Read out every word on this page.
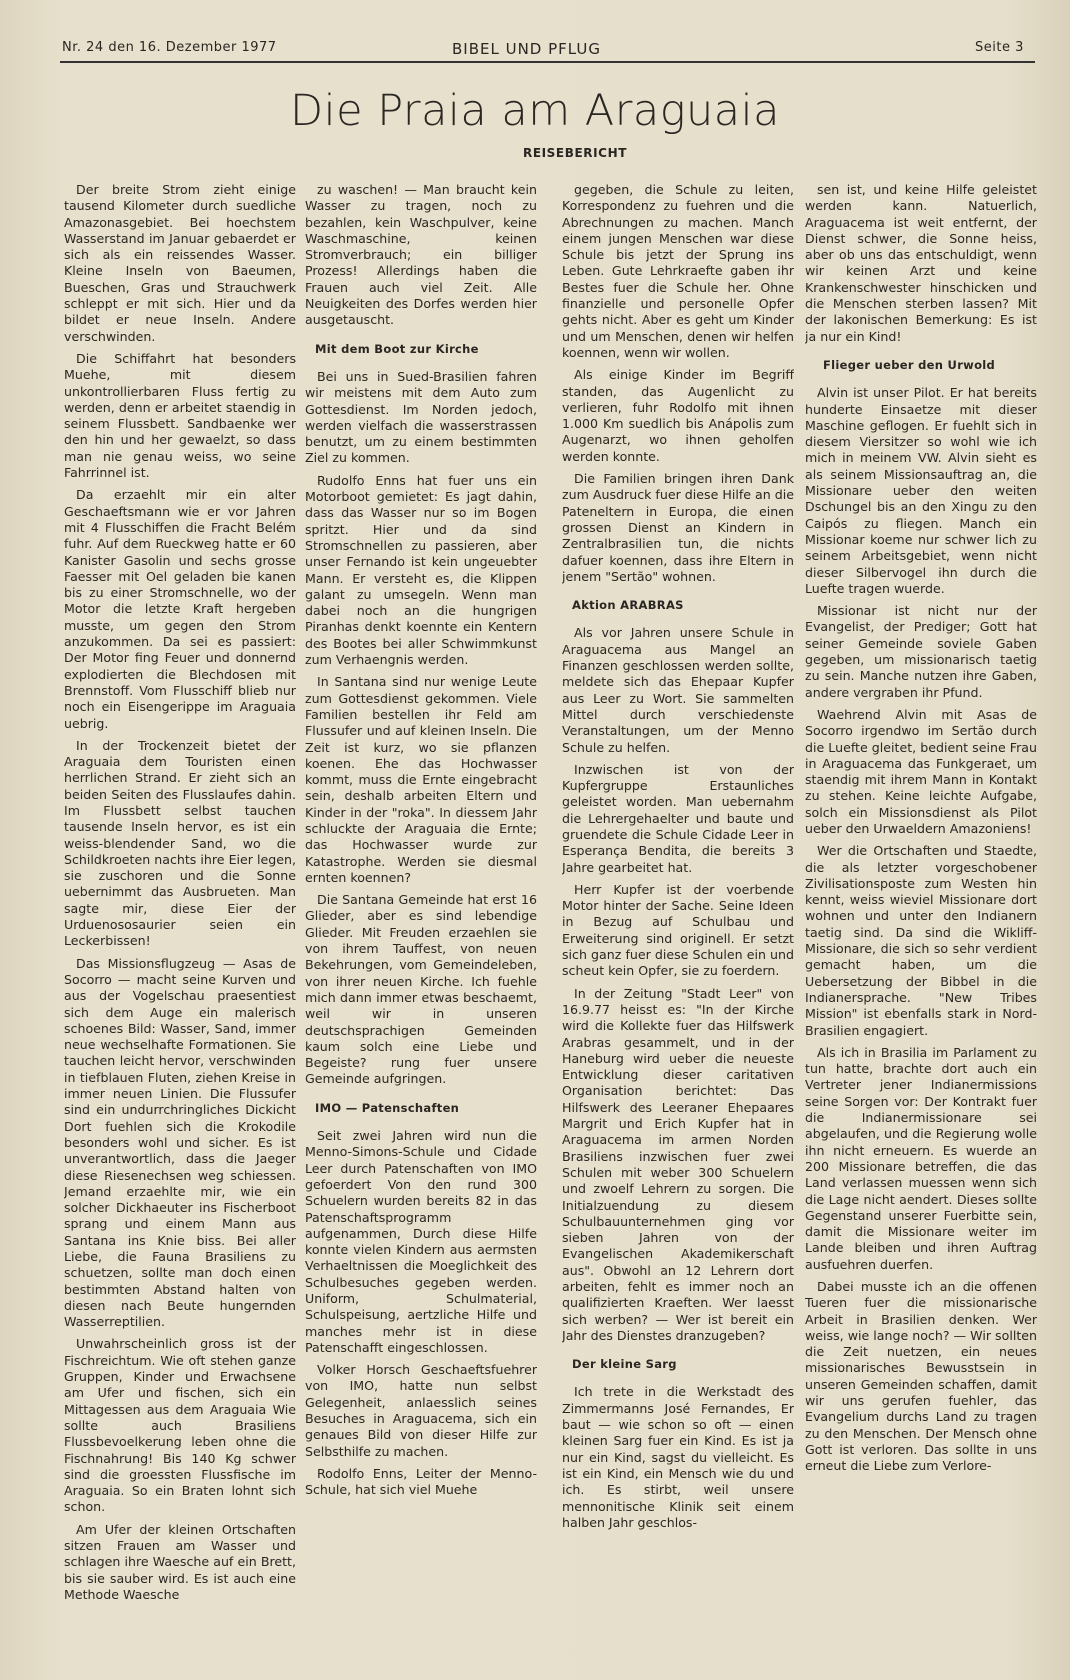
Nr. 24 den 16. Dezember 1977	BIBEL UND PFLUG	Seite 3
Die Praia am Araguaia
REISEBERICHT

Der breite Strom zieht einige tausend Kilometer durch suedliche Amazonasgebiet. Bei hoechstem Wasserstand im Januar gebaerdet er sich als ein reissendes Wasser. Kleine Inseln von Baeumen, Bueschen, Gras und Strauchwerk schleppt er mit sich. Hier und da bildet er neue Inseln. Andere verschwinden.

Die Schiffahrt hat besonders Muehe, mit diesem unkontrollierbaren Fluss fertig zu werden, denn er arbeitet staendig in seinem Flussbett. Sandbaenke wer den hin und her gewaelzt, so dass man nie genau weiss, wo seine Fahrrinnel ist.

Da erzaehlt mir ein alter Geschaeftsmann wie er vor Jahren mit 4 Flusschiffen die Fracht Belém fuhr. Auf dem Rueckweg hatte er 60 Kanister Gasolin und sechs grosse Faesser mit Oel geladen bie kanen bis zu einer Stromschnelle, wo der Motor die letzte Kraft hergeben musste, um gegen den Strom anzukommen. Da sei es passiert: Der Motor fing Feuer und donnernd explodierten die Blechdosen mit Brennstoff. Vom Flusschiff blieb nur noch ein Eisengerippe im Araguaia uebrig.

In der Trockenzeit bietet der Araguaia dem Touristen einen herrlichen Strand. Er zieht sich an beiden Seiten des Flusslaufes dahin. Im Flussbett selbst tauchen tausende Inseln hervor, es ist ein weiss-blendender Sand, wo die Schildkroeten nachts ihre Eier legen, sie zuschoren und die Sonne uebernimmt das Ausbrueten. Man sagte mir, diese Eier der Urduenososaurier seien ein Leckerbissen!

Das Missionsflugzeug — Asas de Socorro — macht seine Kurven und aus der Vogelschau praesentiest sich dem Auge ein malerisch schoenes Bild: Wasser, Sand, immer neue wechselhafte Formationen. Sie tauchen leicht hervor, verschwinden in tiefblauen Fluten, ziehen Kreise in immer neuen Linien. Die Flussufer sind ein undurrchringliches Dickicht Dort fuehlen sich die Krokodile besonders wohl und sicher. Es ist unverantwortlich, dass die Jaeger diese Riesenechsen weg schiessen. Jemand erzaehlte mir, wie ein solcher Dickhaeuter ins Fischerboot sprang und einem Mann aus Santana ins Knie biss. Bei aller Liebe, die Fauna Brasiliens zu schuetzen, sollte man doch einen bestimmten Abstand halten von diesen nach Beute hungernden Wasserreptilien.

Unwahrscheinlich gross ist der Fischreichtum. Wie oft stehen ganze Gruppen, Kinder und Erwachsene am Ufer und fischen, sich ein Mittagessen aus dem Araguaia Wie sollte auch Brasiliens Flussbevoelkerung leben ohne die Fischnahrung! Bis 140 Kg schwer sind die groessten Flussfische im Araguaia. So ein Braten lohnt sich schon.

Am Ufer der kleinen Ortschaften sitzen Frauen am Wasser und schlagen ihre Waesche auf ein Brett, bis sie sauber wird. Es ist auch eine Methode Waesche

zu waschen! — Man braucht kein Wasser zu tragen, noch zu bezahlen, kein Waschpulver, keine Waschmaschine, keinen Stromverbrauch; ein billiger Prozess! Allerdings haben die Frauen auch viel Zeit. Alle Neuigkeiten des Dorfes werden hier ausgetauscht.

Mit dem Boot zur Kirche

Bei uns in Sued-Brasilien fahren wir meistens mit dem Auto zum Gottesdienst. Im Norden jedoch, werden vielfach die wasserstrassen benutzt, um zu einem bestimmten Ziel zu kommen.

Rudolfo Enns hat fuer uns ein Motorboot gemietet: Es jagt dahin, dass das Wasser nur so im Bogen spritzt. Hier und da sind Stromschnellen zu passieren, aber unser Fernando ist kein ungeuebter Mann. Er versteht es, die Klippen galant zu umsegeln. Wenn man dabei noch an die hungrigen Piranhas denkt koennte ein Kentern des Bootes bei aller Schwimmkunst zum Verhaengnis werden.

In Santana sind nur wenige Leute zum Gottesdienst gekommen. Viele Familien bestellen ihr Feld am Flussufer und auf kleinen Inseln. Die Zeit ist kurz, wo sie pflanzen koenen. Ehe das Hochwasser kommt, muss die Ernte eingebracht sein, deshalb arbeiten Eltern und Kinder in der "roka". In diessem Jahr schluckte der Araguaia die Ernte; das Hochwasser wurde zur Katastrophe. Werden sie diesmal ernten koennen?

Die Santana Gemeinde hat erst 16 Glieder, aber es sind lebendige Glieder. Mit Freuden erzaehlen sie von ihrem Tauffest, von neuen Bekehrungen, vom Gemeindeleben, von ihrer neuen Kirche. Ich fuehle mich dann immer etwas beschaemt, weil wir in unseren deutschsprachigen Gemeinden kaum solch eine Liebe und Begeiste? rung fuer unsere Gemeinde aufgringen.

IMO — Patenschaften

Seit zwei Jahren wird nun die Menno-Simons-Schule und Cidade Leer durch Patenschaften von IMO gefoerdert Von den rund 300 Schuelern wurden bereits 82 in das Patenschaftsprogramm aufgenammen, Durch diese Hilfe konnte vielen Kindern aus aermsten Verhaeltnissen die Moeglichkeit des Schulbesuches gegeben werden. Uniform, Schulmaterial, Schulspeisung, aertzliche Hilfe und manches mehr ist in diese Patenschafft eingeschlossen.

Volker Horsch Geschaeftsfuehrer von IMO, hatte nun selbst Gelegenheit, anlaesslich seines Besuches in Araguacema, sich ein genaues Bild von dieser Hilfe zur Selbsthilfe zu machen.

Rodolfo Enns, Leiter der Menno-Schule, hat sich viel Muehe

gegeben, die Schule zu leiten, Korrespondenz zu fuehren und die Abrechnungen zu machen. Manch einem jungen Menschen war diese Schule bis jetzt der Sprung ins Leben. Gute Lehrkraefte gaben ihr Bestes fuer die Schule her. Ohne finanzielle und personelle Opfer gehts nicht. Aber es geht um Kinder und um Menschen, denen wir helfen koennen, wenn wir wollen.

Als einige Kinder im Begriff standen, das Augenlicht zu verlieren, fuhr Rodolfo mit ihnen 1.000 Km suedlich bis Anápolis zum Augenarzt, wo ihnen geholfen werden konnte.

Die Familien bringen ihren Dank zum Ausdruck fuer diese Hilfe an die Pateneltern in Europa, die einen grossen Dienst an Kindern in Zentralbrasilien tun, die nichts dafuer koennen, dass ihre Eltern in jenem "Sertão" wohnen.

Aktion ARABRAS

Als vor Jahren unsere Schule in Araguacema aus Mangel an Finanzen geschlossen werden sollte, meldete sich das Ehepaar Kupfer aus Leer zu Wort. Sie sammelten Mittel durch verschiedenste Veranstaltungen, um der Menno Schule zu helfen.

Inzwischen ist von der Kupfergruppe Erstaunliches geleistet worden. Man uebernahm die Lehrergehaelter und baute und gruendete die Schule Cidade Leer in Esperança Bendita, die bereits 3 Jahre gearbeitet hat.

Herr Kupfer ist der voerbende Motor hinter der Sache. Seine Ideen in Bezug auf Schulbau und Erweiterung sind originell. Er setzt sich ganz fuer diese Schulen ein und scheut kein Opfer, sie zu foerdern.

In der Zeitung "Stadt Leer" von 16.9.77 heisst es: "In der Kirche wird die Kollekte fuer das Hilfswerk Arabras gesammelt, und in der Haneburg wird ueber die neueste Entwicklung dieser caritativen Organisation berichtet: Das Hilfswerk des Leeraner Ehepaares Margrit und Erich Kupfer hat in Araguacema im armen Norden Brasiliens inzwischen fuer zwei Schulen mit weber 300 Schuelern und zwoelf Lehrern zu sorgen. Die Initialzuendung zu diesem Schulbauunternehmen ging vor sieben Jahren von der Evangelischen Akademikerschaft aus". Obwohl an 12 Lehrern dort arbeiten, fehlt es immer noch an qualifizierten Kraeften. Wer laesst sich werben? — Wer ist bereit ein Jahr des Dienstes dranzugeben?

Der kleine Sarg

Ich trete in die Werkstadt des Zimmermanns José Fernandes, Er baut — wie schon so oft — einen kleinen Sarg fuer ein Kind. Es ist ja nur ein Kind, sagst du vielleicht. Es ist ein Kind, ein Mensch wie du und ich. Es stirbt, weil unsere mennonitische Klinik seit einem halben Jahr geschlos-

sen ist, und keine Hilfe geleistet werden kann. Natuerlich, Araguacema ist weit entfernt, der Dienst schwer, die Sonne heiss, aber ob uns das entschuldigt, wenn wir keinen Arzt und keine Krankenschwester hinschicken und die Menschen sterben lassen? Mit der lakonischen Bemerkung: Es ist ja nur ein Kind!

Flieger ueber den Urwold

Alvin ist unser Pilot. Er hat bereits hunderte Einsaetze mit dieser Maschine geflogen. Er fuehlt sich in diesem Viersitzer so wohl wie ich mich in meinem VW. Alvin sieht es als seinem Missionsauftrag an, die Missionare ueber den weiten Dschungel bis an den Xingu zu den Caipós zu fliegen. Manch ein Missionar koeme nur schwer lich zu seinem Arbeitsgebiet, wenn nicht dieser Silbervogel ihn durch die Luefte tragen wuerde.

Missionar ist nicht nur der Evangelist, der Prediger; Gott hat seiner Gemeinde soviele Gaben gegeben, um missionarisch taetig zu sein. Manche nutzen ihre Gaben, andere vergraben ihr Pfund.

Waehrend Alvin mit Asas de Socorro irgendwo im Sertão durch die Luefte gleitet, bedient seine Frau in Araguacema das Funkgeraet, um staendig mit ihrem Mann in Kontakt zu stehen. Keine leichte Aufgabe, solch ein Missionsdienst als Pilot ueber den Urwaeldern Amazoniens!

Wer die Ortschaften und Staedte, die als letzter vorgeschobener Zivilisationsposte zum Westen hin kennt, weiss wieviel Missionare dort wohnen und unter den Indianern taetig sind. Da sind die Wikliff-Missionare, die sich so sehr verdient gemacht haben, um die Uebersetzung der Bibbel in die Indianersprache. "New Tribes Mission" ist ebenfalls stark in Nord-Brasilien engagiert.

Als ich in Brasilia im Parlament zu tun hatte, brachte dort auch ein Vertreter jener Indianermissions seine Sorgen vor: Der Kontrakt fuer die Indianermissionare sei abgelaufen, und die Regierung wolle ihn nicht erneuern. Es wuerde an 200 Missionare betreffen, die das Land verlassen muessen wenn sich die Lage nicht aendert. Dieses sollte Gegenstand unserer Fuerbitte sein, damit die Missionare weiter im Lande bleiben und ihren Auftrag ausfuehren duerfen.

Dabei musste ich an die offenen Tueren fuer die missionarische Arbeit in Brasilien denken. Wer weiss, wie lange noch? — Wir sollten die Zeit nuetzen, ein neues missionarisches Bewusstsein in unseren Gemeinden schaffen, damit wir uns gerufen fuehler, das Evangelium durchs Land zu tragen zu den Menschen. Der Mensch ohne Gott ist verloren. Das sollte in uns erneut die Liebe zum Verlore-
